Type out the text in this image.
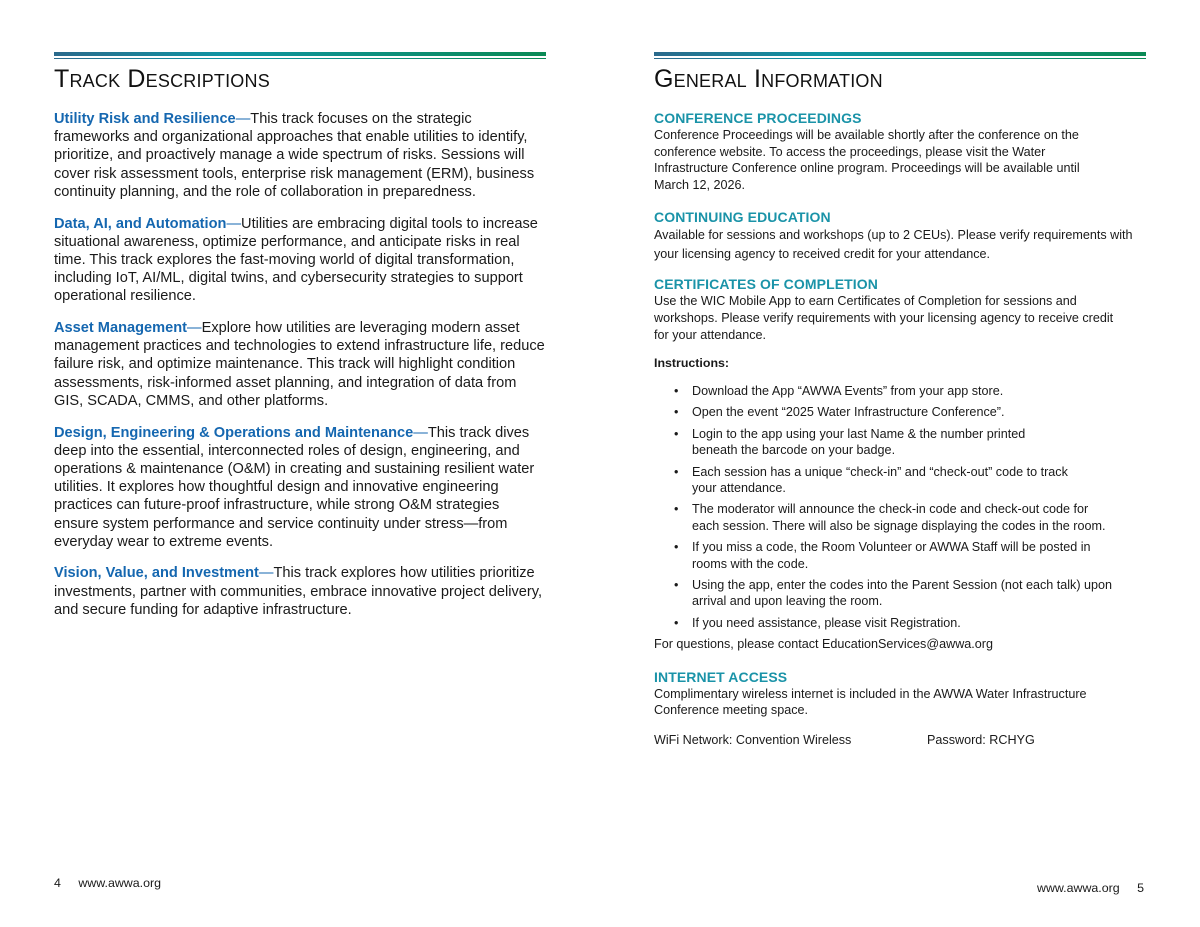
Track Descriptions

Utility Risk and Resilience—This track focuses on the strategic frameworks and organizational approaches that enable utilities to identify, prioritize, and proactively manage a wide spectrum of risks. Sessions will cover risk assessment tools, enterprise risk management (ERM), business continuity planning, and the role of collaboration in preparedness.

Data, AI, and Automation—Utilities are embracing digital tools to increase situational awareness, optimize performance, and anticipate risks in real time. This track explores the fast-moving world of digital transformation, including IoT, AI/ML, digital twins, and cybersecurity strategies to support operational resilience.

Asset Management—Explore how utilities are leveraging modern asset management practices and technologies to extend infrastructure life, reduce failure risk, and optimize maintenance. This track will highlight condition assessments, risk-informed asset planning, and integration of data from GIS, SCADA, CMMS, and other platforms.

Design, Engineering & Operations and Maintenance—This track dives deep into the essential, interconnected roles of design, engineering, and operations & maintenance (O&M) in creating and sustaining resilient water utilities. It explores how thoughtful design and innovative engineering practices can future-proof infrastructure, while strong O&M strategies ensure system performance and service continuity under stress—from everyday wear to extreme events.

Vision, Value, and Investment—This track explores how utilities prioritize investments, partner with communities, embrace innovative project delivery, and secure funding for adaptive infrastructure.

4 www.awwa.org
General Information
CONFERENCE PROCEEDINGS

Conference Proceedings will be available shortly after the conference on the conference website. To access the proceedings, please visit the Water Infrastructure Conference online program. Proceedings will be available until March 12, 2026.

CONTINUING EDUCATION

Available for sessions and workshops (up to 2 CEUs). Please verify requirements with your licensing agency to received credit for your attendance.

CERTIFICATES OF COMPLETION

Use the WIC Mobile App to earn Certificates of Completion for sessions and workshops. Please verify requirements with your licensing agency to receive credit for your attendance.

Instructions:

• Download the App “AWWA Events” from your app store.
• Open the event “2025 Water Infrastructure Conference”.
• Login to the app using your last Name & the number printed beneath the barcode on your badge.
• Each session has a unique “check-in” and “check-out” code to track your attendance.
• The moderator will announce the check-in code and check-out code for each session. There will also be signage displaying the codes in the room.
• If you miss a code, the Room Volunteer or AWWA Staff will be posted in rooms with the code.
• Using the app, enter the codes into the Parent Session (not each talk) upon arrival and upon leaving the room.
• If you need assistance, please visit Registration.

For questions, please contact EducationServices@awwa.org

INTERNET ACCESS

Complimentary wireless internet is included in the AWWA Water Infrastructure Conference meeting space.

WiFi Network: Convention Wireless	Password: RCHYG
www.awwa.org 5
